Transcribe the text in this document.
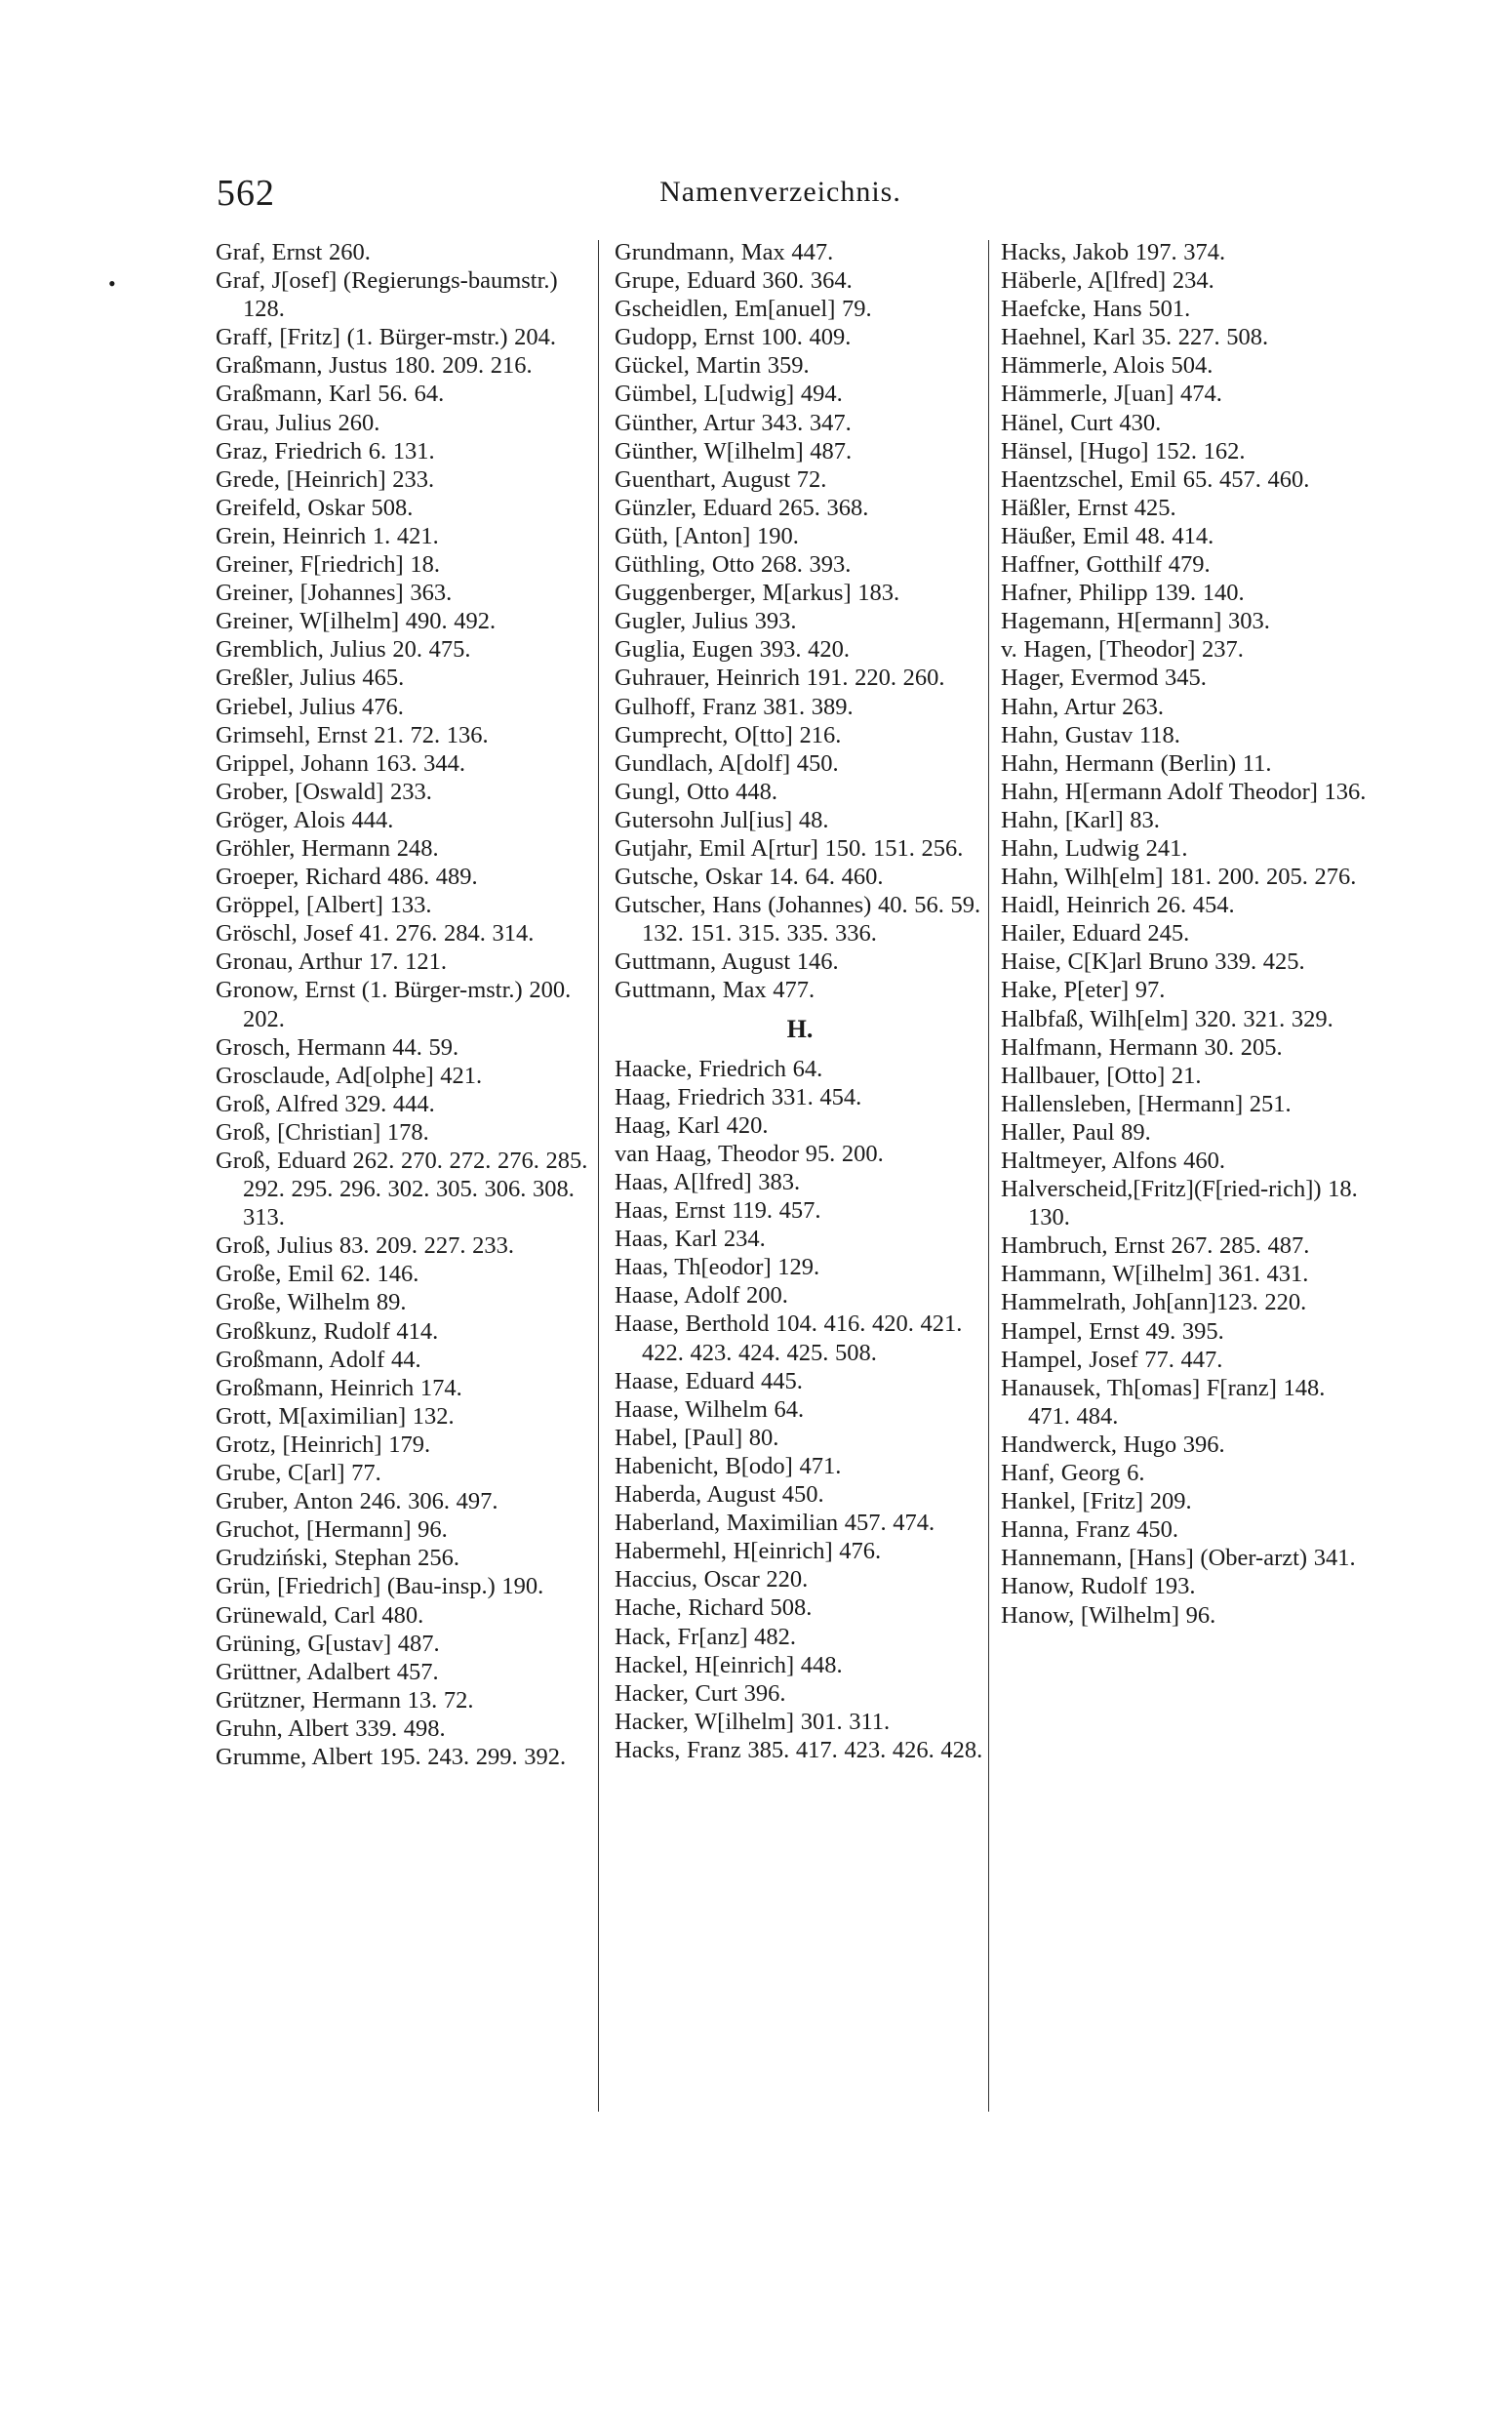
•
562	Namenverzeichnis.
Graf, Ernst 260.
Graf, J[osef] (Regierungs-baumstr.) 128.
Graff, [Fritz] (1. Bürger-mstr.) 204.
Graßmann, Justus 180. 209. 216.
Graßmann, Karl 56. 64.
Grau, Julius 260.
Graz, Friedrich 6. 131.
Grede, [Heinrich] 233.
Greifeld, Oskar 508.
Grein, Heinrich 1. 421.
Greiner, F[riedrich] 18.
Greiner, [Johannes] 363.
Greiner, W[ilhelm] 490. 492.
Gremblich, Julius 20. 475.
Greßler, Julius 465.
Griebel, Julius 476.
Grimsehl, Ernst 21. 72. 136.
Grippel, Johann 163. 344.
Grober, [Oswald] 233.
Gröger, Alois 444.
Gröhler, Hermann 248.
Groeper, Richard 486. 489.
Gröppel, [Albert] 133.
Gröschl, Josef 41. 276. 284. 314.
Gronau, Arthur 17. 121.
Gronow, Ernst (1. Bürger-mstr.) 200. 202.
Grosch, Hermann 44. 59.
Grosclaude, Ad[olphe] 421.
Groß, Alfred 329. 444.
Groß, [Christian] 178.
Groß, Eduard 262. 270. 272. 276. 285. 292. 295. 296. 302. 305. 306. 308. 313.
Groß, Julius 83. 209. 227. 233.
Große, Emil 62. 146.
Große, Wilhelm 89.
Großkunz, Rudolf 414.
Großmann, Adolf 44.
Großmann, Heinrich 174.
Grott, M[aximilian] 132.
Grotz, [Heinrich] 179.
Grube, C[arl] 77.
Gruber, Anton 246. 306. 497.
Gruchot, [Hermann] 96.
Grudziński, Stephan 256.
Grün, [Friedrich] (Bau-insp.) 190.
Grünewald, Carl 480.
Grüning, G[ustav] 487.
Grüttner, Adalbert 457.
Grützner, Hermann 13. 72.
Gruhn, Albert 339. 498.
Grumme, Albert 195. 243. 299. 392.
Grundmann, Max 447.
Grupe, Eduard 360. 364.
Gscheidlen, Em[anuel] 79.
Gudopp, Ernst 100. 409.
Gückel, Martin 359.
Gümbel, L[udwig] 494.
Günther, Artur 343. 347.
Günther, W[ilhelm] 487.
Guenthart, August 72.
Günzler, Eduard 265. 368.
Güth, [Anton] 190.
Güthling, Otto 268. 393.
Guggenberger, M[arkus] 183.
Gugler, Julius 393.
Guglia, Eugen 393. 420.
Guhrauer, Heinrich 191. 220. 260.
Gulhoff, Franz 381. 389.
Gumprecht, O[tto] 216.
Gundlach, A[dolf] 450.
Gungl, Otto 448.
Gutersohn Jul[ius] 48.
Gutjahr, Emil A[rtur] 150. 151. 256.
Gutsche, Oskar 14. 64. 460.
Gutscher, Hans (Johannes) 40. 56. 59. 132. 151. 315. 335. 336.
Guttmann, August 146.
Guttmann, Max 477.
H.
Haacke, Friedrich 64.
Haag, Friedrich 331. 454.
Haag, Karl 420.
van Haag, Theodor 95. 200.
Haas, A[lfred] 383.
Haas, Ernst 119. 457.
Haas, Karl 234.
Haas, Th[eodor] 129.
Haase, Adolf 200.
Haase, Berthold 104. 416. 420. 421. 422. 423. 424. 425. 508.
Haase, Eduard 445.
Haase, Wilhelm 64.
Habel, [Paul] 80.
Habenicht, B[odo] 471.
Haberda, August 450.
Haberland, Maximilian 457. 474.
Habermehl, H[einrich] 476.
Haccius, Oscar 220.
Hache, Richard 508.
Hack, Fr[anz] 482.
Hackel, H[einrich] 448.
Hacker, Curt 396.
Hacker, W[ilhelm] 301. 311.
Hacks, Franz 385. 417. 423. 426. 428.
Hacks, Jakob 197. 374.
Häberle, A[lfred] 234.
Haefcke, Hans 501.
Haehnel, Karl 35. 227. 508.
Hämmerle, Alois 504.
Hämmerle, J[uan] 474.
Hänel, Curt 430.
Hänsel, [Hugo] 152. 162.
Haentzschel, Emil 65. 457. 460.
Häßler, Ernst 425.
Häußer, Emil 48. 414.
Haffner, Gotthilf 479.
Hafner, Philipp 139. 140.
Hagemann, H[ermann] 303.
v. Hagen, [Theodor] 237.
Hager, Evermod 345.
Hahn, Artur 263.
Hahn, Gustav 118.
Hahn, Hermann (Berlin) 11.
Hahn, H[ermann Adolf Theodor] 136.
Hahn, [Karl] 83.
Hahn, Ludwig 241.
Hahn, Wilh[elm] 181. 200. 205. 276.
Haidl, Heinrich 26. 454.
Hailer, Eduard 245.
Haise, C[K]arl Bruno 339. 425.
Hake, P[eter] 97.
Halbfaß, Wilh[elm] 320. 321. 329.
Halfmann, Hermann 30. 205.
Hallbauer, [Otto] 21.
Hallensleben, [Hermann] 251.
Haller, Paul 89.
Haltmeyer, Alfons 460.
Halverscheid,[Fritz](F[ried-rich]) 18. 130.
Hambruch, Ernst 267. 285. 487.
Hammann, W[ilhelm] 361. 431.
Hammelrath, Joh[ann]123. 220.
Hampel, Ernst 49. 395.
Hampel, Josef 77. 447.
Hanausek, Th[omas] F[ranz] 148. 471. 484.
Handwerck, Hugo 396.
Hanf, Georg 6.
Hankel, [Fritz] 209.
Hanna, Franz 450.
Hannemann, [Hans] (Ober-arzt) 341.
Hanow, Rudolf 193.
Hanow, [Wilhelm] 96.
